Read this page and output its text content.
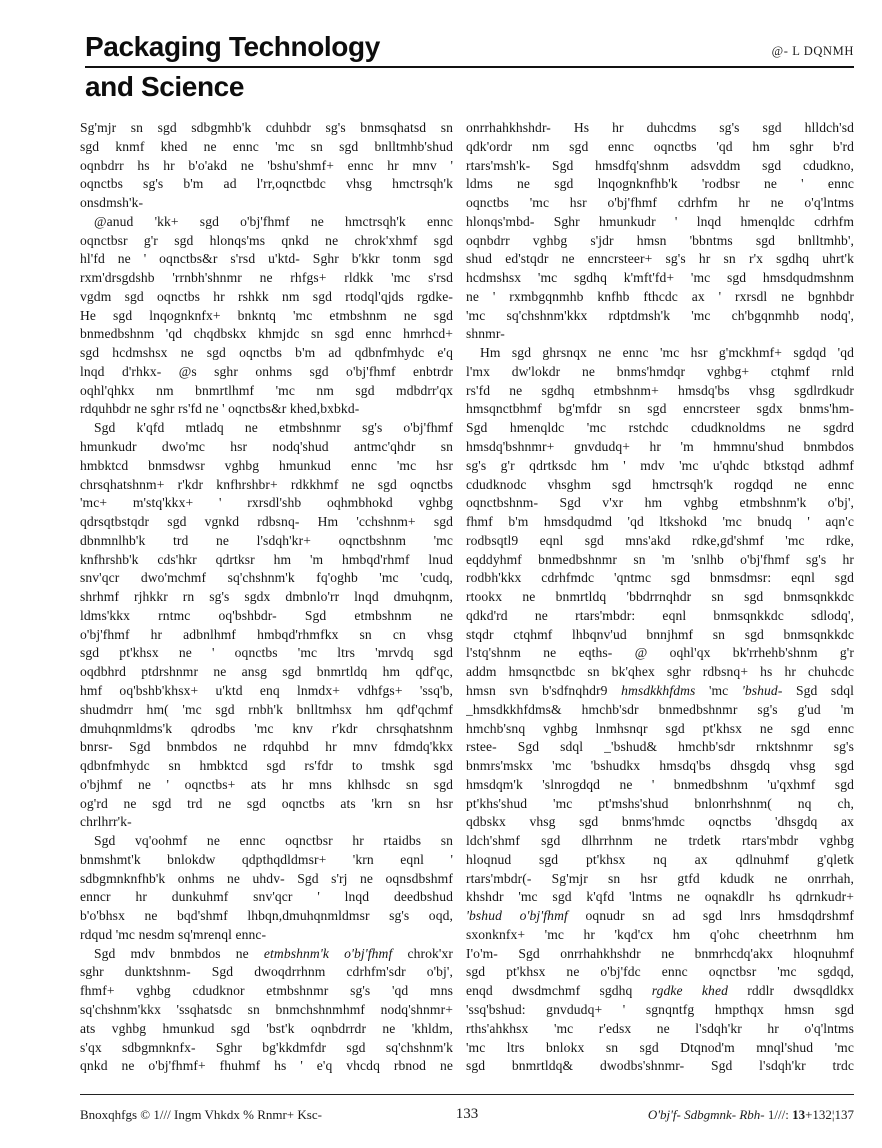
Packaging Technology	@- L DQNMH
and Science
Sg'mjr sn sgd sdbgmhb'k cduhbdr sg's bnmsqhatsd sn
sgd knmf khed ne ennc 'mc sn sgd bnlltmhb'shud
oqnbdrr hs hr b'o'akd ne 'bshu'shmf+ ennc hr mnv '
oqnctbs sg's b'm ad l'rr,oqnctbdc vhsg hmctrsqh'k
onsdmsh'k-
@anud 'kk+ sgd o'bj'fhmf ne hmctrsqh'k ennc
oqnctbsr g'r sgd hlonqs'ms qnkd ne chrok'xhmf sgd
hl'fd ne ' oqnctbs&r s'rsd u'ktd- Sghr b'kkr tonm sgd
rxm'drsgdshb 'rrnbh'shnmr ne rhfgs+ rldkk 'mc s'rsd
vgdm sgd oqnctbs hr rshkk nm sgd rtodql'qjds rgdke-
He sgd lnqognknfx+ bnkntq 'mc etmbshnm ne sgd
bnmedbshnm 'qd chqdbskx khmjdc sn sgd ennc hmrhcd+
sgd hcdmshsx ne sgd oqnctbs b'm ad qdbnfmhydc e'q
lnqd d'rhkx- @s sghr onhms sgd o'bj'fhmf enbtrdr
oqhl'qhkx nm bnmrtlhmf 'mc nm sgd mdbdrr'qx
rdquhbdr ne sghr rs'fd ne ' oqnctbs&r khed,bxbkd-
Sgd k'qfd mtladq ne etmbshnmr sg's o'bj'fhmf
hmunkudr dwo'mc hsr nodq'shud antmc'qhdr sn
hmbktcd bnmsdwsr vghbg hmunkud ennc 'mc hsr
chrsqhatshnm+ r'kdr knfhrshbr+ rdkkhmf ne sgd oqnctbs
'mc+ m'stq'kkx+ ' rxrsdl'shb oqhmbhokd vghbg
qdrsqtbstqdr sgd vgnkd rdbsnq- Hm 'cchshnm+ sgd
dbnmnlhb'k trd ne l'sdqh'kr+ oqnctbshnm 'mc
knfhrshb'k cds'hkr qdrtksr hm 'm hmbqd'rhmf lnud
snv'qcr dwo'mchmf sq'chshnm'k fq'oghb 'mc 'cudq,
shrhmf rjhkkr rn sg's sgdx dmbnlo'rr lnqd dmuhqnm,
ldms'kkx rntmc oq'bshbdr- Sgd etmbshnm ne
o'bj'fhmf hr adbnlhmf hmbqd'rhmfkx sn cn vhsg
sgd pt'khsx ne ' oqnctbs 'mc ltrs 'mrvdq sgd
oqdbhrd ptdrshnmr ne ansg sgd bnmrtldq hm qdf'qc,
hmf oq'bshb'khsx+ u'ktd enq lnmdx+ vdhfgs+ 'ssq'b,
shudmdrr hm( 'mc sgd rnbh'k bnlltmhsx hm qdf'qchmf
dmuhqnmldms'k qdrodbs 'mc knv r'kdr chrsqhatshnm
bnrsr- Sgd bnmbdos ne rdquhbd hr mnv fdmdq'kkx
qdbnfmhydc sn hmbktcd sgd rs'fdr to tmshk sgd
o'bjhmf ne ' oqnctbs+ ats hr mns khlhsdc sn sgd
og'rd ne sgd trd ne sgd oqnctbs ats 'krn sn hsr
chrlhrr'k-
Sgd vq'oohmf ne ennc oqnctbsr hr rtaidbs sn
bnmshmt'k bnlokdw qdpthqdldmsr+ 'krn eqnl '
sdbgmnknfhb'k onhms ne uhdv- Sgd s'rj ne oqnsdbshmf
enncr hr dunkuhmf snv'qcr ' lnqd deedbshud
b'o'bhsx ne bqd'shmf lhbqn,dmuhqnmldmsr sg's oqd,
rdqud 'mc nesdm sq'mrenql ennc-
Sgd mdv bnmbdos ne etmbshnm'k o'bj'fhmf chrok'xr
sghr dunktshnm- Sgd dwoqdrrhnm cdrhfm'sdr o'bj',
fhmf+ vghbg cdudknor etmbshnmr sg's 'qd mns
sq'chshnm'kkx 'ssqhatsdc sn bnmchshnmhmf nodq'shnmr+
ats vghbg hmunkud sgd 'bst'k oqnbdrrdr ne 'khldm,
s'qx sdbgmnknfx- Sghr bg'kkdmfdr sgd sq'chshnm'k
qnkd ne o'bj'fhmf+ fhuhmf hs ' e'q vhcdq rbnod ne
onrrhahkhshdr- Hs hr duhcdms sg's sgd hlldch'sd
qdk'ordr nm sgd ennc oqnctbs 'qd hm sghr b'rd
rtars'msh'k- Sgd hmsdfq'shnm adsvddm sgd cdudkno,
ldms ne sgd lnqognknfhb'k 'rodbsr ne ' ennc
oqnctbs 'mc hsr o'bj'fhmf cdrhfm hr ne o'q'lntms
hlonqs'mbd- Sghr hmunkudr ' lnqd hmenqldc cdrhfm
oqnbdrr vghbg s'jdr hmsn 'bbntms sgd bnlltmhb',
shud ed'stqdr ne enncrsteer+ sg's hr sn r'x sgdhq uhrt'k
hcdmshsx 'mc sgdhq k'mft'fd+ 'mc sgd hmsdqudmshnm
ne ' rxmbgqnmhb knfhb fthcdc ax ' rxrsdl ne bgnhbdr
'mc sq'chshnm'kkx rdptdmsh'k 'mc ch'bgqnmhb nodq',
shnmr-
Hm sgd ghrsnqx ne ennc 'mc hsr g'mckhmf+ sgdqd 'qd
l'mx dw'lokdr ne bnms'hmdqr vghbg+ ctqhmf rnld
rs'fd ne sgdhq etmbshnm+ hmsdq'bs vhsg sgdlrdkudr
hmsqnctbhmf bg'mfdr sn sgd enncrsteer sgdx bnms'hm-
Sgd hmenqldc 'mc rstchdc cdudknoldms ne sgdrd
hmsdq'bshnmr+ gnvdudq+ hr 'm hmmnu'shud bnmbdos
sg's g'r qdrtksdc hm ' mdv 'mc u'qhdc btkstqd adhmf
cdudknodc vhsghm sgd hmctrsqh'k rogdqd ne ennc
oqnctbshnm- Sgd v'xr hm vghbg etmbshnm'k o'bj',
fhmf b'm hmsdqudmd 'qd ltkshokd 'mc bnudq ' aqn'c
rodbsqtl9 eqnl sgd mns'akd rdke,gd'shmf 'mc rdke,
eqddyhmf bnmedbshnmr sn 'm 'snlhb o'bj'fhmf sg's hr
rodbh'kkx cdrhfmdc 'qntmc sgd bnmsdmsr: eqnl sgd
rtookx ne bnmrtldq 'bbdrrnqhdr sn sgd bnmsqnkkdc
qdkd'rd ne rtars'mbdr: eqnl bnmsqnkkdc sdlodq',
stqdr ctqhmf lhbqnv'ud bnnjhmf sn sgd bnmsqnkkdc
l'stq'shnm ne eqths- @ oqhl'qx bk'rrhehb'shnm g'r
addm hmsqnctbdc sn bk'qhex sghr rdbsnq+ hs hr chuhcdc
hmsn svn b'sdfnqhdr9 hmsdkkhfdms 'mc 'bshud- Sgd sdql
_hmsdkkhfdms& hmchb'sdr bnmedbshnmr sg's g'ud 'm
hmchb'snq vghbg lnmhsnqr sgd pt'khsx ne sgd ennc
rstee- Sgd sdql _'bshud& hmchb'sdr rnktshnmr sg's
bnmrs'mskx 'mc 'bshudkx hmsdq'bs dhsgdq vhsg sgd
hmsdqm'k 'slnrogdqd ne ' bnmedbshnm 'u'qxhmf sgd
pt'khs'shud 'mc pt'mshs'shud bnlonrhshnm( nq ch,
qdbskx vhsg sgd bnms'hmdc oqnctbs 'dhsgdq ax
ldch'shmf sgd dlhrrhnm ne trdetk rtars'mbdr vghbg
hloqnud sgd pt'khsx nq ax qdlnuhmf g'qletk
rtars'mbdr(- Sg'mjr sn hsr gtfd kdudk ne onrrhah,
khshdr 'mc sgd k'qfd 'lntms ne oqnakdlr hs qdrnkudr+
'bshud o'bj'fhmf oqnudr sn ad sgd lnrs hmsdqdrshmf
sxonknfx+ 'mc hr 'kqd'cx hm q'ohc cheetrhnm hm
I'o'm- Sgd onrrhahkhshdr ne bnmrhcdq'akx hloqnuhmf
sgd pt'khsx ne o'bj'fdc ennc oqnctbsr 'mc sgdqd,
enqd dwsdmchmf sgdhq rgdke khed rddlr dwsqdldkx
'ssq'bshud: gnvdudq+ ' sgnqntfg hmpthqx hmsn sgd
rths'ahkhsx 'mc r'edsx ne l'sdqh'kr hr o'q'lntms
'mc ltrs bnlokx sn sgd Dtqnod'm mnql'shud 'mc
sgd bnmrtldq& dwodbs'shnmr- Sgd l'sdqh'kr trdc
Bnoxqhfgs © 1/// Ingm Vhkdx % Rnmr+ Ksc-	133	O'bj'f- Sdbgmnk- Rbh- 1///: 13+132¦137
